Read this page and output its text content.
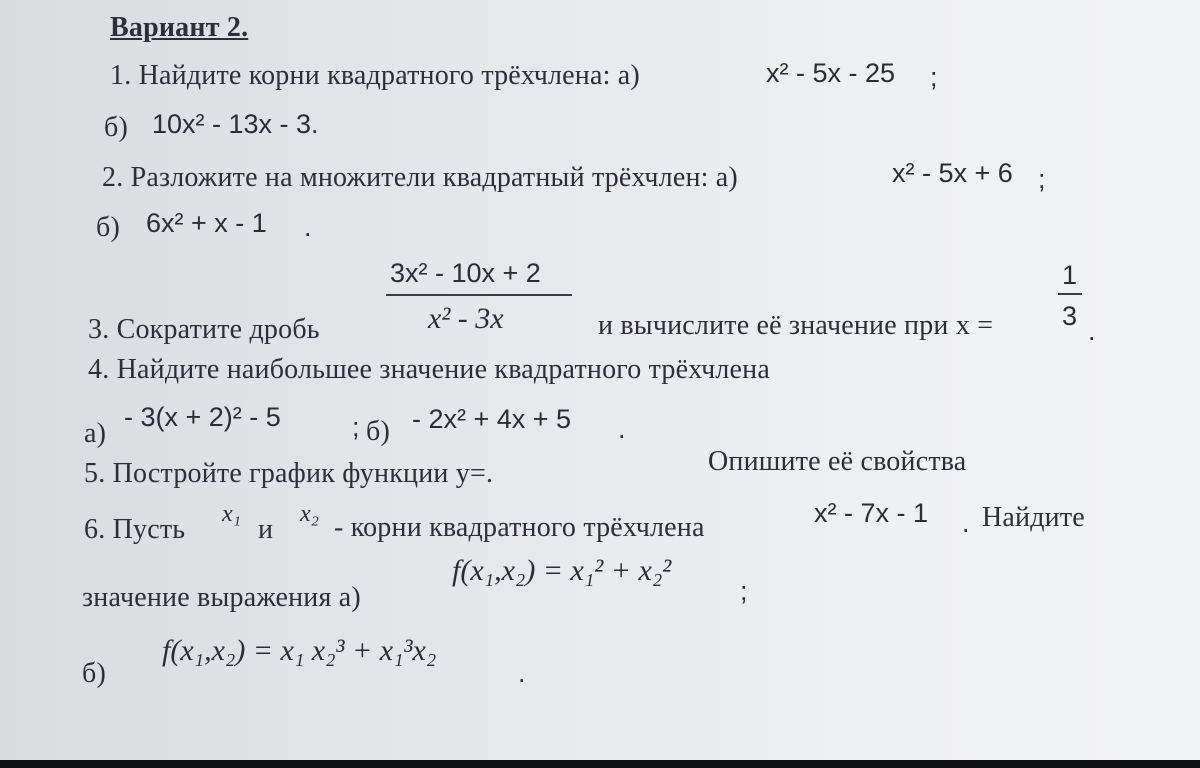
Вариант 2.
1. Найдите корни квадратного трёхчлена: а)	x² - 5x - 25 ;
б) 10x² - 13x - 3.
2. Разложите на множители квадратный трёхчлен: а)	x² - 5x + 6 ;
б) 6x² + x - 1 .
3x² - 10x + 2
x² - 3x
3. Сократите дробь	и вычислите её значение при x =
1
3 .
4. Найдите наибольшее значение квадратного трёхчлена
а)
- 3(x + 2)² - 5	; б) - 2x² + 4x + 5 .
5. Постройте график функции y=.	Опишите её свойства
6. Пусть x₁ и x₂ - корни квадратного трёхчлена	x² - 7x - 1 . Найдите
значение выражения а)
f(x₁,x₂) = x₁² + x₂²
;
б)
f(x₁,x₂) = x₁ x₂³ + x₁³x₂
.
